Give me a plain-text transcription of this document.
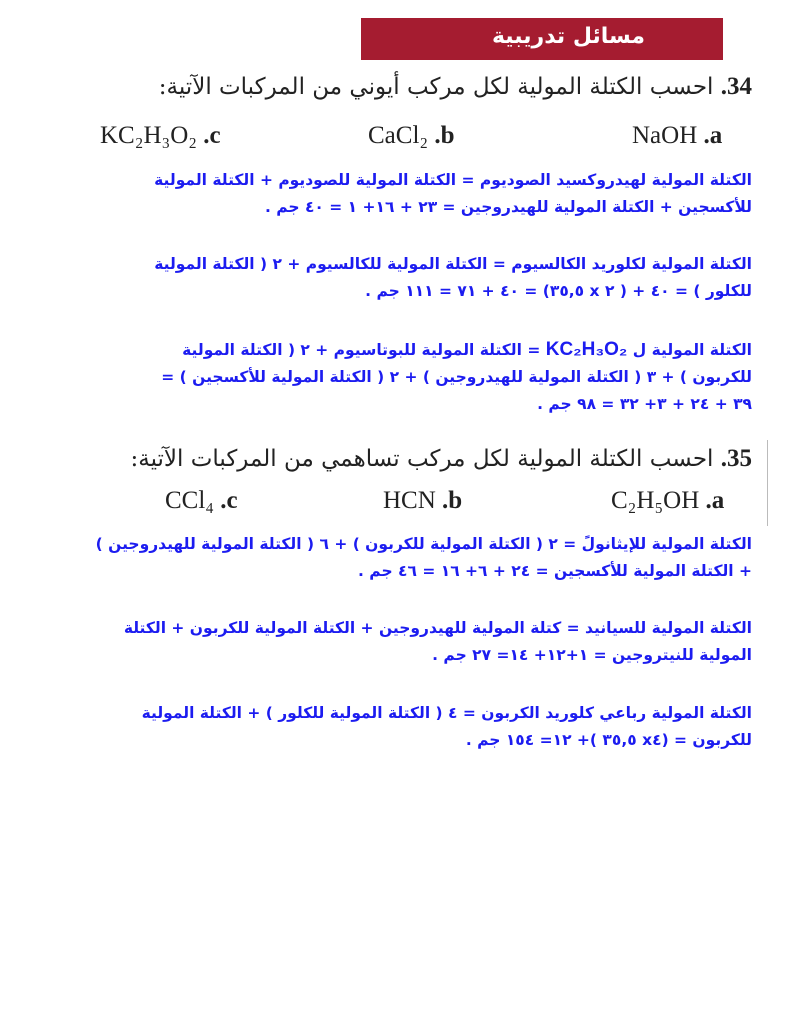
مسائل تدريبية
34. احسب الكتلة المولية لكل مركب أيوني من المركبات الآتية:
NaOH .a
CaCl₂ .b
KC₂H₃O₂ .c
الكتلة المولية لهيدروكسيد الصوديوم = الكتلة المولية للصوديوم + الكتلة المولية
للأكسجين + الكتلة المولية للهيدروجين = ٢٣ + ١٦+ ١ = ٤٠ جم .
الكتلة المولية لكلوريد الكالسيوم = الكتلة المولية للكالسيوم + ٢ ( الكتلة المولية
للكلور ) = ٤٠ + ( ٢ x ٣٥,٥) = ٤٠ + ٧١ = ١١١ جم .
الكتلة المولية ل KC₂H₃O₂ = الكتلة المولية للبوتاسيوم + ٢ ( الكتلة المولية
للكربون ) + ٣ ( الكتلة المولية للهيدروجين ) + ٢ ( الكتلة المولية للأكسجين ) =
٣٩ + ٢٤ + ٣+ ٣٢ = ٩٨ جم .
35. احسب الكتلة المولية لكل مركب تساهمي من المركبات الآتية:
C₂H₅OH .a
HCN .b
CCl₄ .c
الكتلة المولية للإيثانولً = ٢ ( الكتلة المولية للكربون ) + ٦ ( الكتلة المولية للهيدروجين )
+ الكتلة المولية للأكسجين = ٢٤ + ٦+ ١٦ = ٤٦ جم .
الكتلة المولية للسيانيد = كتلة المولية للهيدروجين + الكتلة المولية للكربون + الكتلة
المولية للنيتروجين = ١+١٢+ ١٤= ٢٧ جم .
الكتلة المولية رباعي كلوريد الكربون = ٤ ( الكتلة المولية للكلور ) + الكتلة المولية
للكربون = (x٤ ٣٥,٥ )+ ١٢= ١٥٤ جم .
